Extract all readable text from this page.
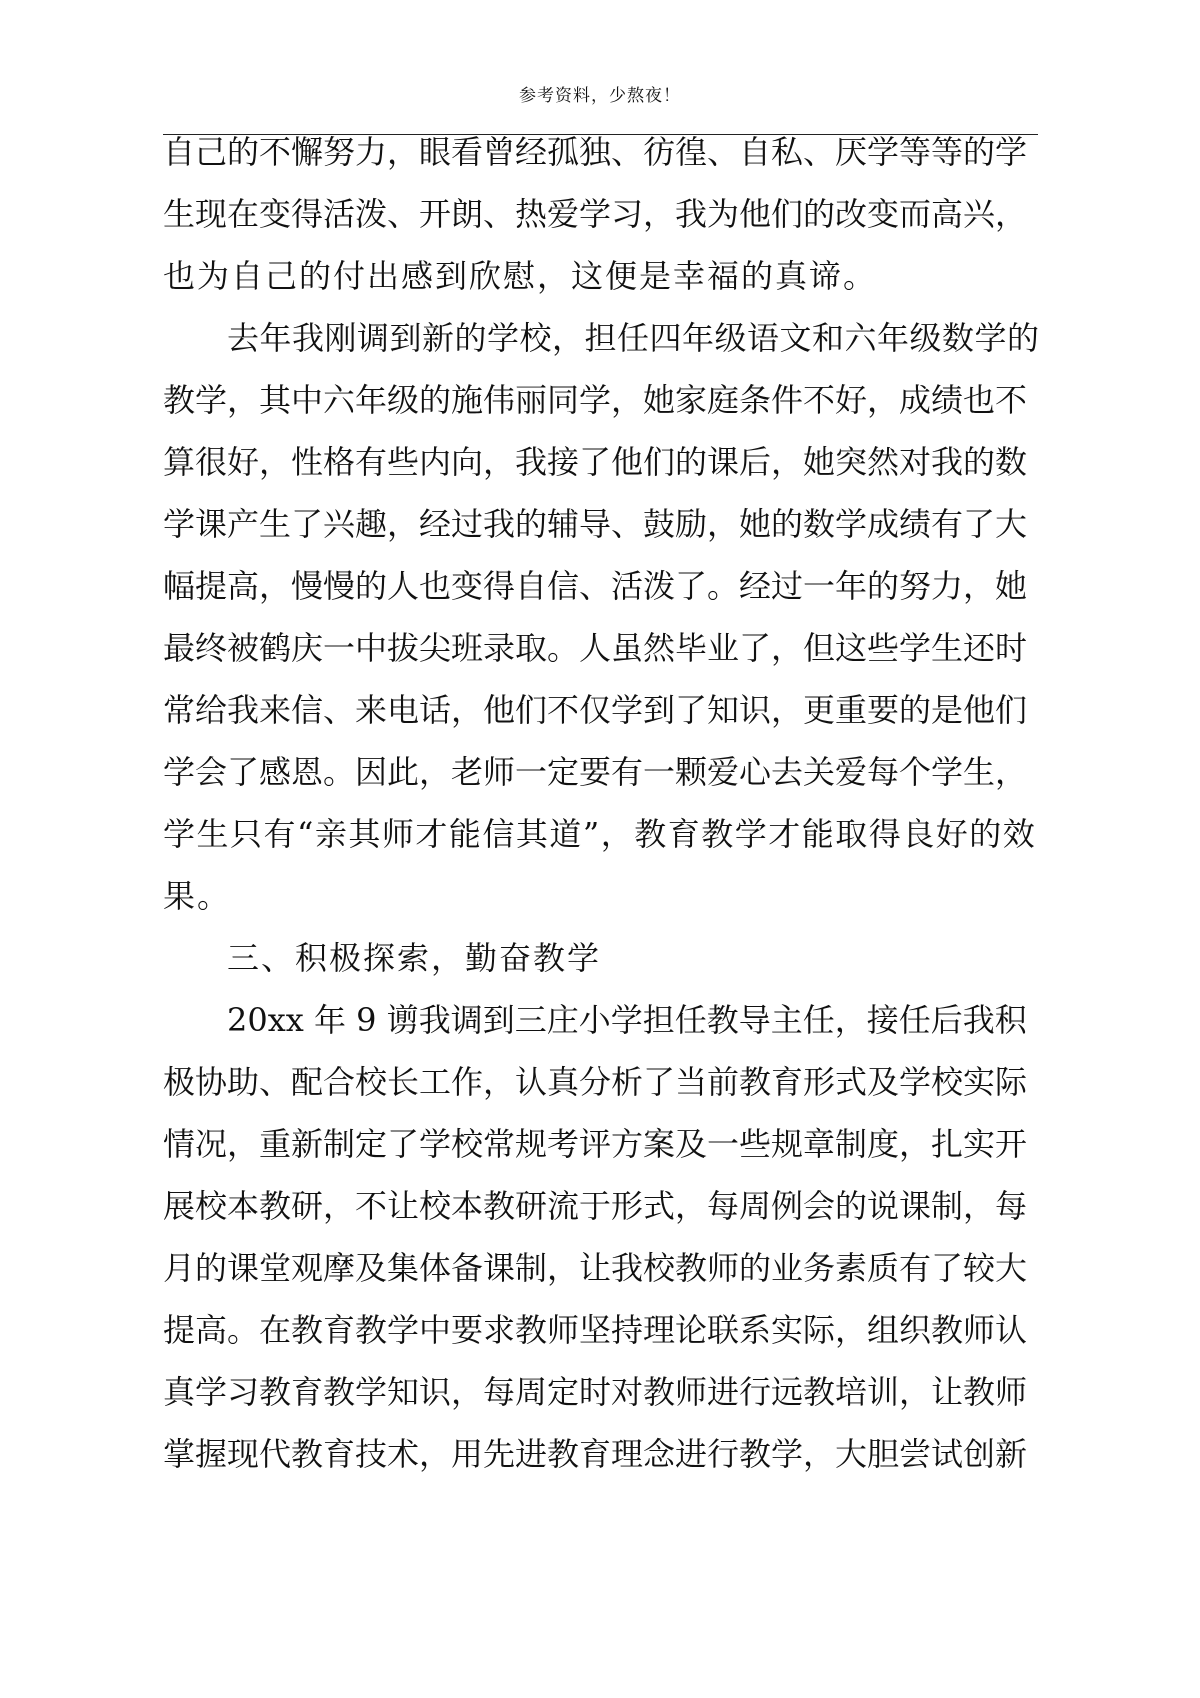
参考资料，少熬夜！
自己的不懈努力，眼看曾经孤独、彷徨、自私、厌学等等的学
生现在变得活泼、开朗、热爱学习，我为他们的改变而高兴，
也为自己的付出感到欣慰，这便是幸福的真谛。
去年我刚调到新的学校，担任四年级语文和六年级数学的
教学，其中六年级的施伟丽同学，她家庭条件不好，成绩也不
算很好，性格有些内向，我接了他们的课后，她突然对我的数
学课产生了兴趣，经过我的辅导、鼓励，她的数学成绩有了大
幅提高，慢慢的人也变得自信、活泼了。经过一年的努力，她
最终被鹤庆一中拔尖班录取。人虽然毕业了，但这些学生还时
常给我来信、来电话，他们不仅学到了知识，更重要的是他们
学会了感恩。因此，老师一定要有一颗爱心去关爱每个学生，
学生只有“亲其师才能信其道”，教育教学才能取得良好的效
果。
三、积极探索，勤奋教学
20xx 年 9 谫我调到三庄小学担任教导主任，接任后我积
极协助、配合校长工作，认真分析了当前教育形式及学校实际
情况，重新制定了学校常规考评方案及一些规章制度，扎实开
展校本教研，不让校本教研流于形式，每周例会的说课制，每
月的课堂观摩及集体备课制，让我校教师的业务素质有了较大
提高。在教育教学中要求教师坚持理论联系实际，组织教师认
真学习教育教学知识，每周定时对教师进行远教培训，让教师
掌握现代教育技术，用先进教育理念进行教学，大胆尝试创新
